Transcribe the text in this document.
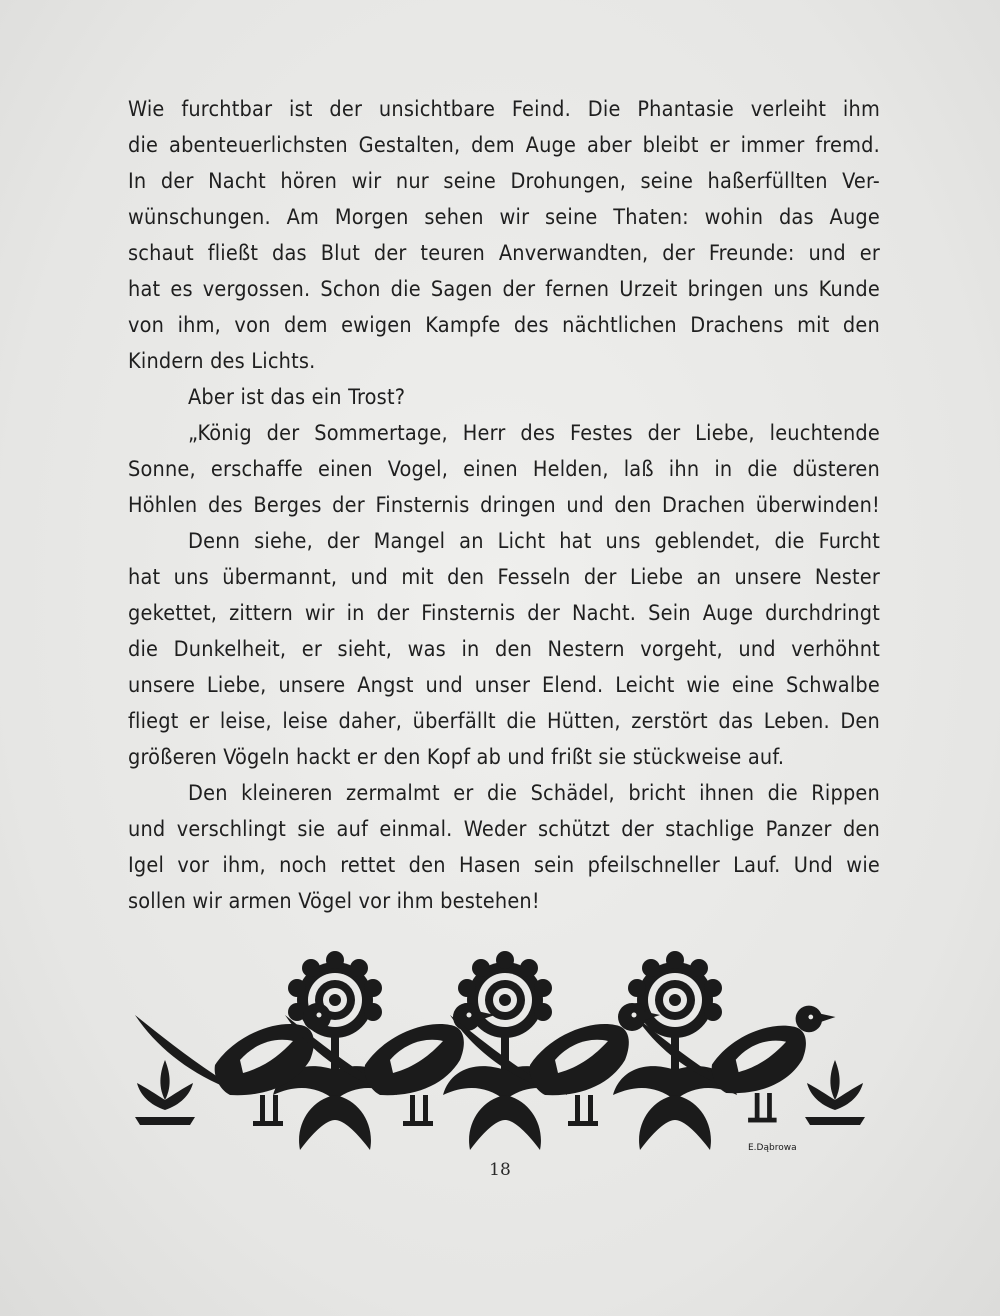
Wie furchtbar ist der unsichtbare Feind. Die Phantasie verleiht ihm
die abenteuerlichsten Gestalten, dem Auge aber bleibt er immer fremd.
In der Nacht hören wir nur seine Drohungen, seine haßerfüllten Ver-
wünschungen. Am Morgen sehen wir seine Thaten: wohin das Auge
schaut fließt das Blut der teuren Anverwandten, der Freunde: und er
hat es vergossen. Schon die Sagen der fernen Urzeit bringen uns Kunde
von ihm, von dem ewigen Kampfe des nächtlichen Drachens mit den
Kindern des Lichts.
Aber ist das ein Trost?
„König der Sommertage, Herr des Festes der Liebe, leuchtende
Sonne, erschaffe einen Vogel, einen Helden, laß ihn in die düsteren
Höhlen des Berges der Finsternis dringen und den Drachen überwinden!
Denn siehe, der Mangel an Licht hat uns geblendet, die Furcht
hat uns übermannt, und mit den Fesseln der Liebe an unsere Nester
gekettet, zittern wir in der Finsternis der Nacht. Sein Auge durchdringt
die Dunkelheit, er sieht, was in den Nestern vorgeht, und verhöhnt
unsere Liebe, unsere Angst und unser Elend. Leicht wie eine Schwalbe
fliegt er leise, leise daher, überfällt die Hütten, zerstört das Leben. Den
größeren Vögeln hackt er den Kopf ab und frißt sie stückweise auf.
Den kleineren zermalmt er die Schädel, bricht ihnen die Rippen
und verschlingt sie auf einmal. Weder schützt der stachlige Panzer den
Igel vor ihm, noch rettet den Hasen sein pfeilschneller Lauf. Und wie
sollen wir armen Vögel vor ihm bestehen!
E.Dąbrowa
18
